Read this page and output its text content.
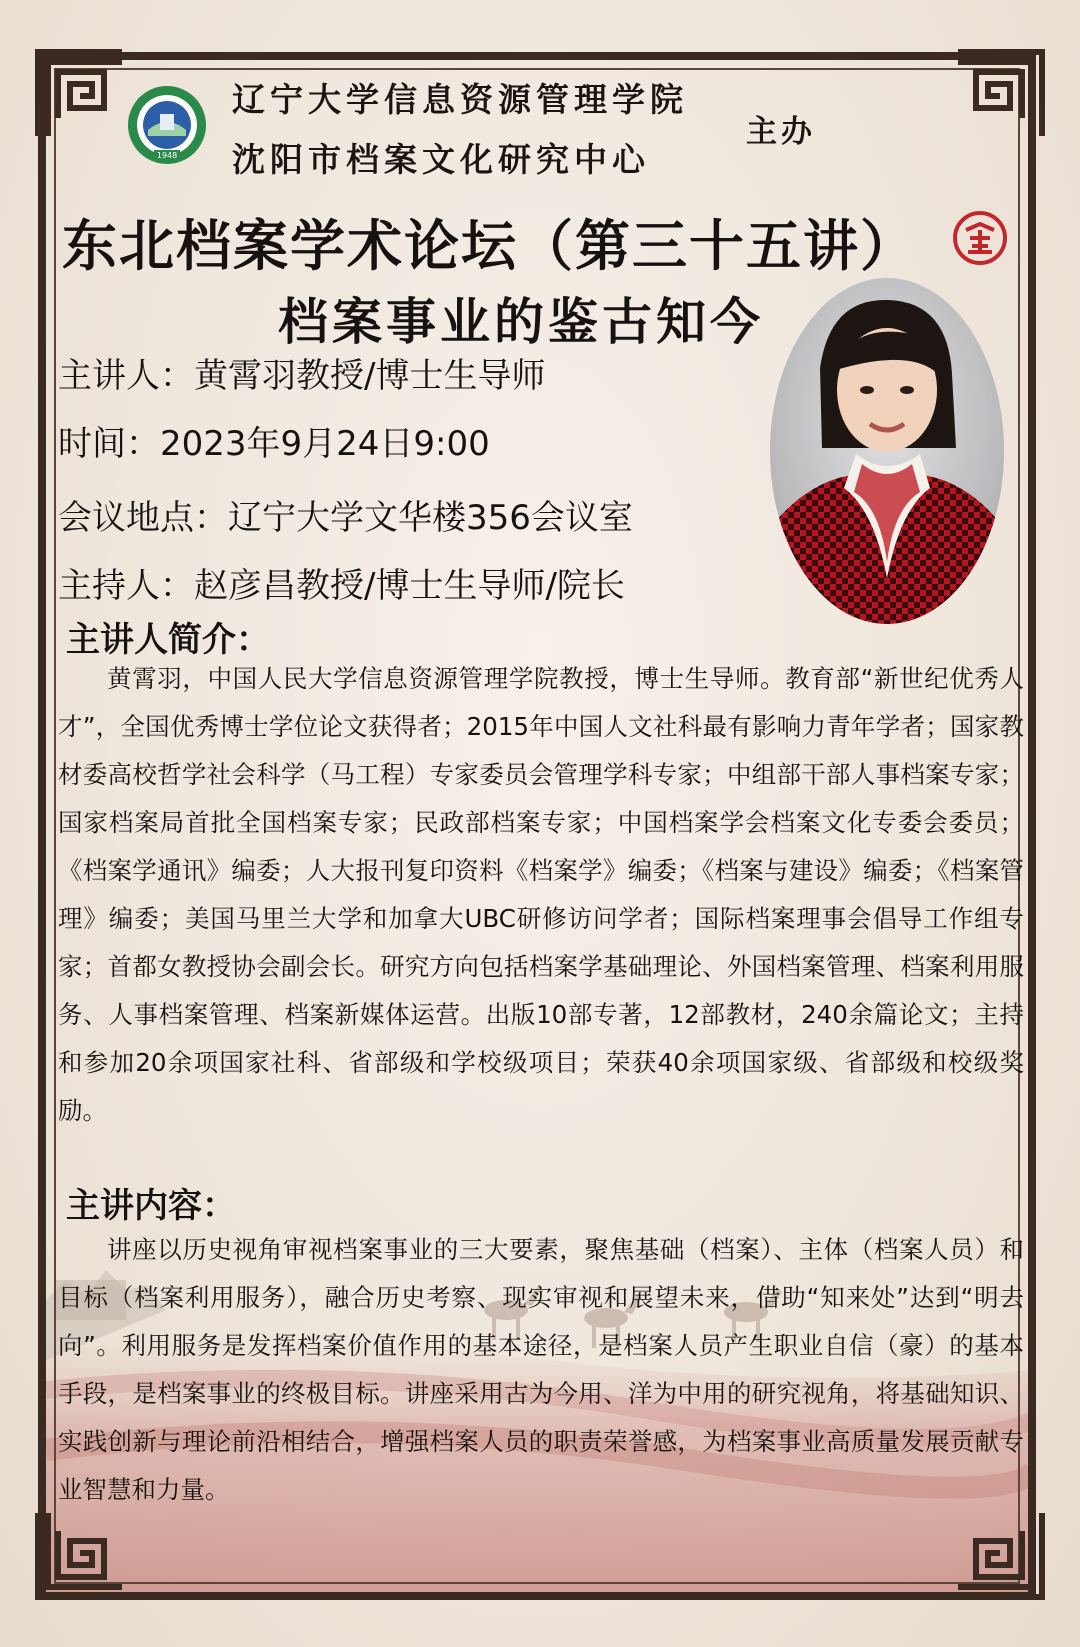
1948
辽宁大学信息资源管理学院
沈阳市档案文化研究中心
主办
东北档案学术论坛（第三十五讲）
档案事业的鉴古知今
主讲人：黄霄羽教授/博士生导师
时间：2023年9月24日9:00
会议地点：辽宁大学文华楼356会议室
主持人：赵彦昌教授/博士生导师/院长
主讲人简介：

黄霄羽，中国人民大学信息资源管理学院教授，博士生导师。教育部“新世纪优秀人才”，全国优秀博士学位论文获得者；2015年中国人文社科最有影响力青年学者；国家教材委高校哲学社会科学（马工程）专家委员会管理学科专家；中组部干部人事档案专家；国家档案局首批全国档案专家；民政部档案专家；中国档案学会档案文化专委会委员；《档案学通讯》编委；人大报刊复印资料《档案学》编委；《档案与建设》编委；《档案管理》编委；美国马里兰大学和加拿大UBC研修访问学者；国际档案理事会倡导工作组专家；首都女教授协会副会长。研究方向包括档案学基础理论、外国档案管理、档案利用服务、人事档案管理、档案新媒体运营。出版10部专著，12部教材，240余篇论文；主持和参加20余项国家社科、省部级和学校级项目；荣获40余项国家级、省部级和校级奖励。

主讲内容：

讲座以历史视角审视档案事业的三大要素，聚焦基础（档案）、主体（档案人员）和目标（档案利用服务），融合历史考察、现实审视和展望未来，借助“知来处”达到“明去向”。利用服务是发挥档案价值作用的基本途径，是档案人员产生职业自信（豪）的基本手段，是档案事业的终极目标。讲座采用古为今用、洋为中用的研究视角，将基础知识、实践创新与理论前沿相结合，增强档案人员的职责荣誉感，为档案事业高质量发展贡献专业智慧和力量。
